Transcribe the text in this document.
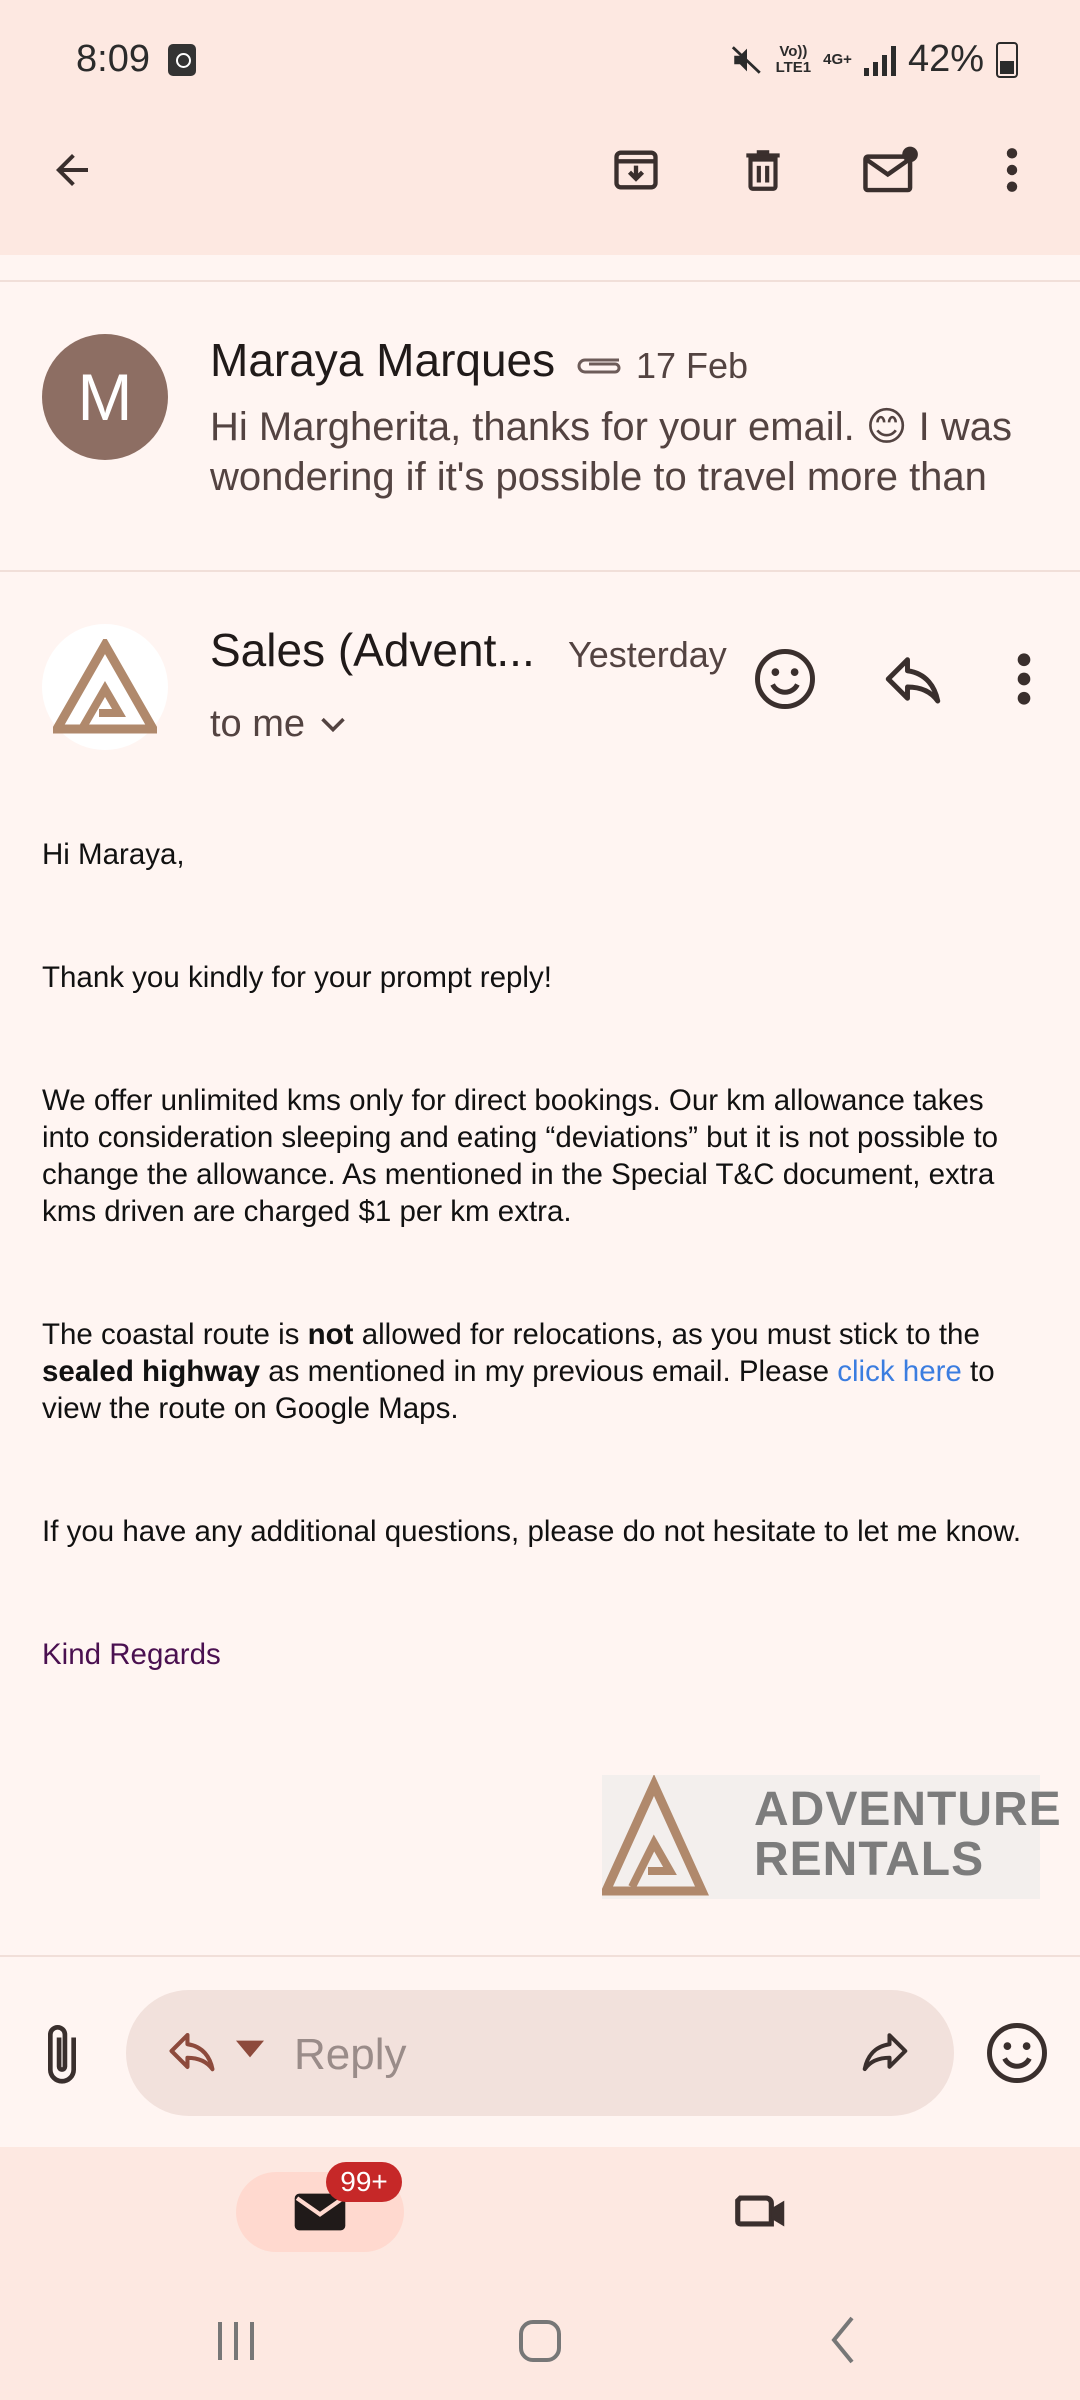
8:09	Vo))
LTE1 4G+ 42%
M	Maraya Marques 17 Feb
Hi Margherita, thanks for your email. 😊 I was wondering if it's possible to travel more than
Sales (Advent... Yesterday
to me

Hi Maraya,

Thank you kindly for your prompt reply!

We offer unlimited kms only for direct bookings. Our km allowance takes into consideration sleeping and eating “deviations” but it is not possible to change the allowance. As mentioned in the Special T&C document, extra kms driven are charged $1 per km extra.

The coastal route is not allowed for relocations, as you must stick to the sealed highway as mentioned in my previous email. Please click here to view the route on Google Maps.

If you have any additional questions, please do not hesitate to let me know.

Kind Regards

ADVENTURE
RENTALS
Reply
99+
